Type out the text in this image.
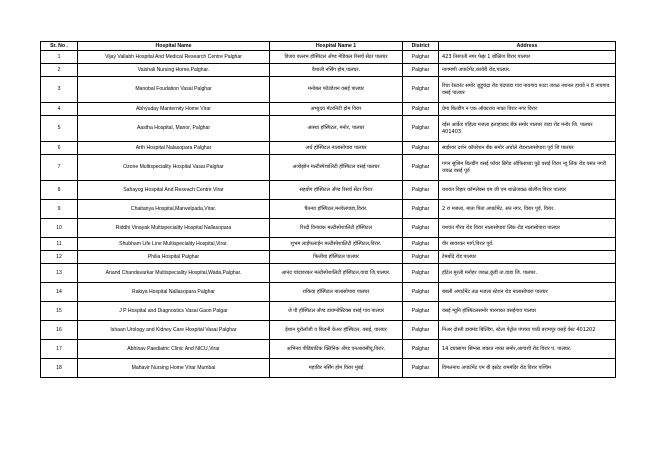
Sr. No .	Hospital Name	Hospital Name 1	District	Address
1	Vijay Vallabh Hospital And Medical Research Centre Palghar	विजय वल्लभ हॉस्पिटल अँण्ड मेडिकल रिसर्च सेंटर पालघर	Palghar	423 तिरुपती नगर फेझ 1 बोळिंज विरार पालघर
2	Vaishali Nursing Home,Palghar.	वैशाली नर्सिंग होम,पालघर.	Palghar	नागमणी अपार्टमेंट,कायेरी रोड,पालघर.
3	Manobal Foudation Vasai Palghar	मनोबल फॉउंडेशन वसई पालघर	Palghar	रिचा रेस्टारंट समोर जुहूचंद्रा रोड चंदपाडा गाव नायगाव फाटा जवळ नशनल हायवे न 8 नायगाव वसई पालघर
4	Abhyuday Manternity Home Virar	अभ्युदय मॅटरनिटी होम विरार	Palghar	प्रेमा बिल्डींग न एक ऑक्टराय नाका विरार नगर विरार
5	Aastha Hospital, Manor, Palghar	आस्था हॉस्पिटल, मनोर, पालघर	Palghar	रईस आर्केड पहिला मजला इलाहाबाद बँक समोर पालघर वाडा रोड मनोर जि. पालघर 401403
6	Arth Hospital Nalasopara Palghar	अर्थ हॉस्पिटल नालासोपारा पालघर	Palghar	साईश्वर दर्शन कॉपरेशन बँक समोर अचोले रोडनालासोपारा पूर्व जि पालघर
7	Ozone Multispeciality Hospital Vasai Palghar	अजोझोन मल्टीस्पेशालिटी हॉस्पिटल वसई पालघर	Palghar	गगन सुश्रिम बिल्डींग वसई फॉयर ब्रिगेड ऑफिसच्या पुढे वसई विरार न्यू लिंक रोड वसंत नगरी जवळ वसई पूर्व
8	Sahayog Hospital And Reseach Centre Virar	सहयोग हॉस्पिटल अँण्ड रिसर्च सेंटर विरार	Palghar	यशवंत विहार कॉम्प्लेक्स एम जी एम शाळेजवळ बोलींज विरार पालघर
9	Chaitanya Hospital,Manvelpada,Virar.	चैतन्या हॉस्पिटल,मनवेलपाडा,विरार.	Palghar	2 रा मजला, माता पिता अपार्टमेंट, संत नगर, विरार पूर्व, विरार.
10	Riddhi Vinayak Multispeciality Hospital Nallasopara	रिध्दी विनायक मल्टीस्पेशालिटी हॉस्पिटल	Palghar	यशवंत गौरव रोड विरार नालासोपारा लिंक रोड नालासोपारा पालघर
11	Shubham Life Line Multispeciality Hospital,Virar.	शुभम लाईफलाईन मल्टीस्पेशालिटी हॉस्पिटल,विरार.	Palghar	वीर सावरकर मार्ग,विरार पूर्व.
12	Philia Hospital Palghar	फिलीया हॉस्पिटल पालघर	Palghar	टेमबोंदे रोड पालघर
13	Anand Chandavarkar Multispeciality Hospital,Wada,Palghar.	आनंद चांदावरकर मल्टीस्पेशालिटी हॉस्पिटल,वाडा जि.पालघर.	Palghar	हॉटेल मुरली मनोहर जवळ,कुंडी ता.वाडा जि. पालघर.
14	Rakiya Hospital Nallasopara Palghar	राकिया हॉस्पिटल नालासोपारा पालघर	Palghar	बबली अपार्टमेंट तळ मजला स्टेशन रोड नालासोपारा पालघर
15	J P Hospital and Diagnostics Vasai Gaon Palgar	जे पी हॉस्पिटल अँण्ड डायग्नोस्टिक्स वसई गाव पालघर	Palghar	वसई म्युनि हॉस्पिटलसमोर पारनाका वसईगाव पालघर
16	Ishaan Urology and Kidney Care Hospital Vasai Palghar	ईशान युरोलॉजी व किडनी केअर हॉस्पिटल, वसई, पालघर	Palghar	निअर दोस्ती डायमंड बिल्डिंग, स्टेला पेट्रोल पंपच्या पाठी बरामपूर वसई वेस्ट 401202
17	Abhinav Paediatric Clinic And NICU,Virar	अभिनव पीडियाटिक क्लिनिक अँण्ड एनआयसीयू,विरार.	Palghar	14 दयासागर सिंग्नस.जकात नाका समोर,आगाशी रोड विरार प. पालघर.
18	Mahavir Nursing Home Virar Mumbai	महाविर नर्सिंग होम विरार मुंबई	Palghar	विमलनाथ अपार्टमेंट एम बी इस्टेट राममंदिर रोड विरार पश्चिम
